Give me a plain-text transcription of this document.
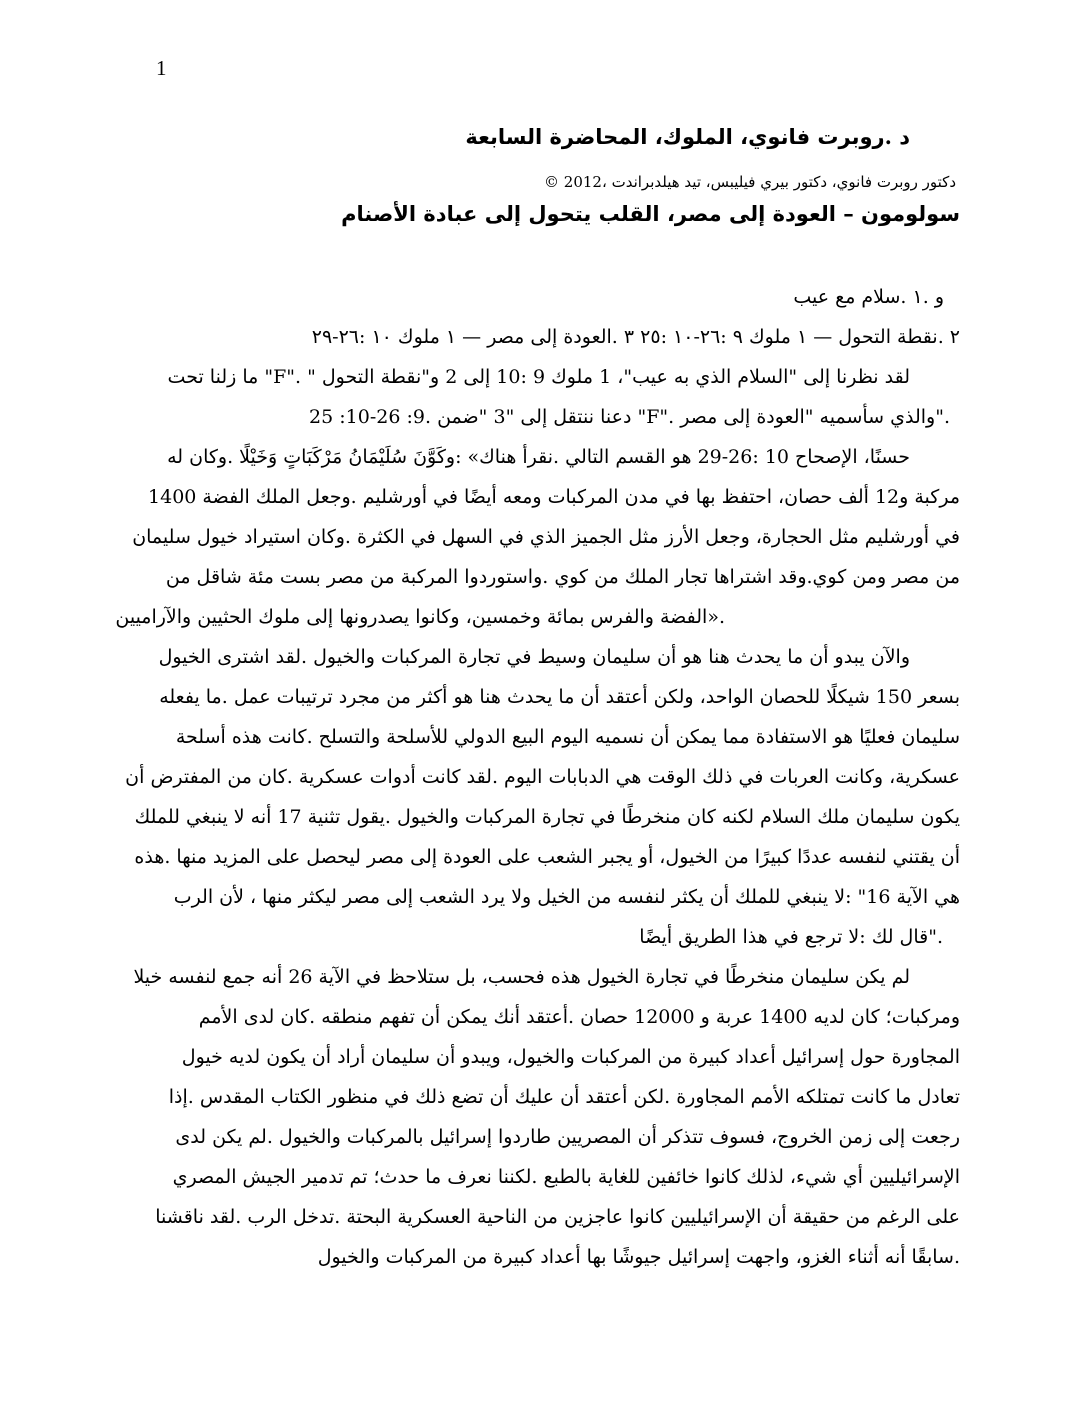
1
د .روبرت فانوي، الملوك، المحاضرة السابعة
دكتور روبرت فانوي، دكتور بيري فيليبس، تيد هيلدبراندت ،2012 ©
سولومون – العودة إلى مصر، القلب يتحول إلى عبادة الأصنام
و .١ .سلام مع عيب
٢ .نقطة التحول — ١ ملوك ٩ :٢٦-١٠ :٢٥ ٣ .العودة إلى مصر — ١ ملوك ١٠ :٢٦-٢٩
لقد نظرنا إلى "السلام الذي به عيب"، 1 ملوك 9 :10 إلى 2 و"نقطة التحول " ."F" ما زلنا تحت
."والذي سأسميه "العودة إلى مصر ."F" دعنا ننتقل إلى "3 "ضمن .9: 26-10: 25
حسنًا، الإصحاح 10 :26-29 هو القسم التالي .نقرأ هناك» :وكَوَّنَ سُلَيْمَانُ مَرْكَبَاتٍ وَخَيْلًا .وكان له
مركبة و12 ألف حصان، احتفظ بها في مدن المركبات ومعه أيضًا في أورشليم .وجعل الملك الفضة 1400
في أورشليم مثل الحجارة، وجعل الأرز مثل الجميز الذي في السهل في الكثرة .وكان استيراد خيول سليمان
من مصر ومن كوي.وقد اشتراها تجار الملك من كوي .واستوردوا المركبة من مصر بست مئة شاقل من
.«الفضة والفرس بمائة وخمسين، وكانوا يصدرونها إلى ملوك الحثيين والآراميين
والآن يبدو أن ما يحدث هنا هو أن سليمان وسيط في تجارة المركبات والخيول .لقد اشترى الخيول
بسعر 150 شيكلًا للحصان الواحد، ولكن أعتقد أن ما يحدث هنا هو أكثر من مجرد ترتيبات عمل .ما يفعله
سليمان فعليًا هو الاستفادة مما يمكن أن نسميه اليوم البيع الدولي للأسلحة والتسلح .كانت هذه أسلحة
عسكرية، وكانت العربات في ذلك الوقت هي الدبابات اليوم .لقد كانت أدوات عسكرية .كان من المفترض أن
يكون سليمان ملك السلام لكنه كان منخرطًا في تجارة المركبات والخيول .يقول تثنية 17 أنه لا ينبغي للملك
أن يقتني لنفسه عددًا كبيرًا من الخيول، أو يجبر الشعب على العودة إلى مصر ليحصل على المزيد منها .هذه
هي الآية 16" :لا ينبغي للملك أن يكثر لنفسه من الخيل ولا يرد الشعب إلى مصر ليكثر منها ، لأن الرب
."قال لك :لا ترجع في هذا الطريق أيضًا
لم يكن سليمان منخرطًا في تجارة الخيول هذه فحسب، بل ستلاحظ في الآية 26 أنه جمع لنفسه خيلا
ومركبات؛ كان لديه 1400 عربة و 12000 حصان .أعتقد أنك يمكن أن تفهم منطقه .كان لدى الأمم
المجاورة حول إسرائيل أعداد كبيرة من المركبات والخيول، ويبدو أن سليمان أراد أن يكون لديه خيول
تعادل ما كانت تمتلكه الأمم المجاورة .لكن أعتقد أن عليك أن تضع ذلك في منظور الكتاب المقدس .إذا
رجعت إلى زمن الخروج، فسوف تتذكر أن المصريين طاردوا إسرائيل بالمركبات والخيول .لم يكن لدى
الإسرائيليين أي شيء، لذلك كانوا خائفين للغاية بالطبع .لكننا نعرف ما حدث؛ تم تدمير الجيش المصري
على الرغم من حقيقة أن الإسرائيليين كانوا عاجزين من الناحية العسكرية البحتة .تدخل الرب .لقد ناقشنا
.سابقًا أنه أثناء الغزو، واجهت إسرائيل جيوشًا بها أعداد كبيرة من المركبات والخيول
